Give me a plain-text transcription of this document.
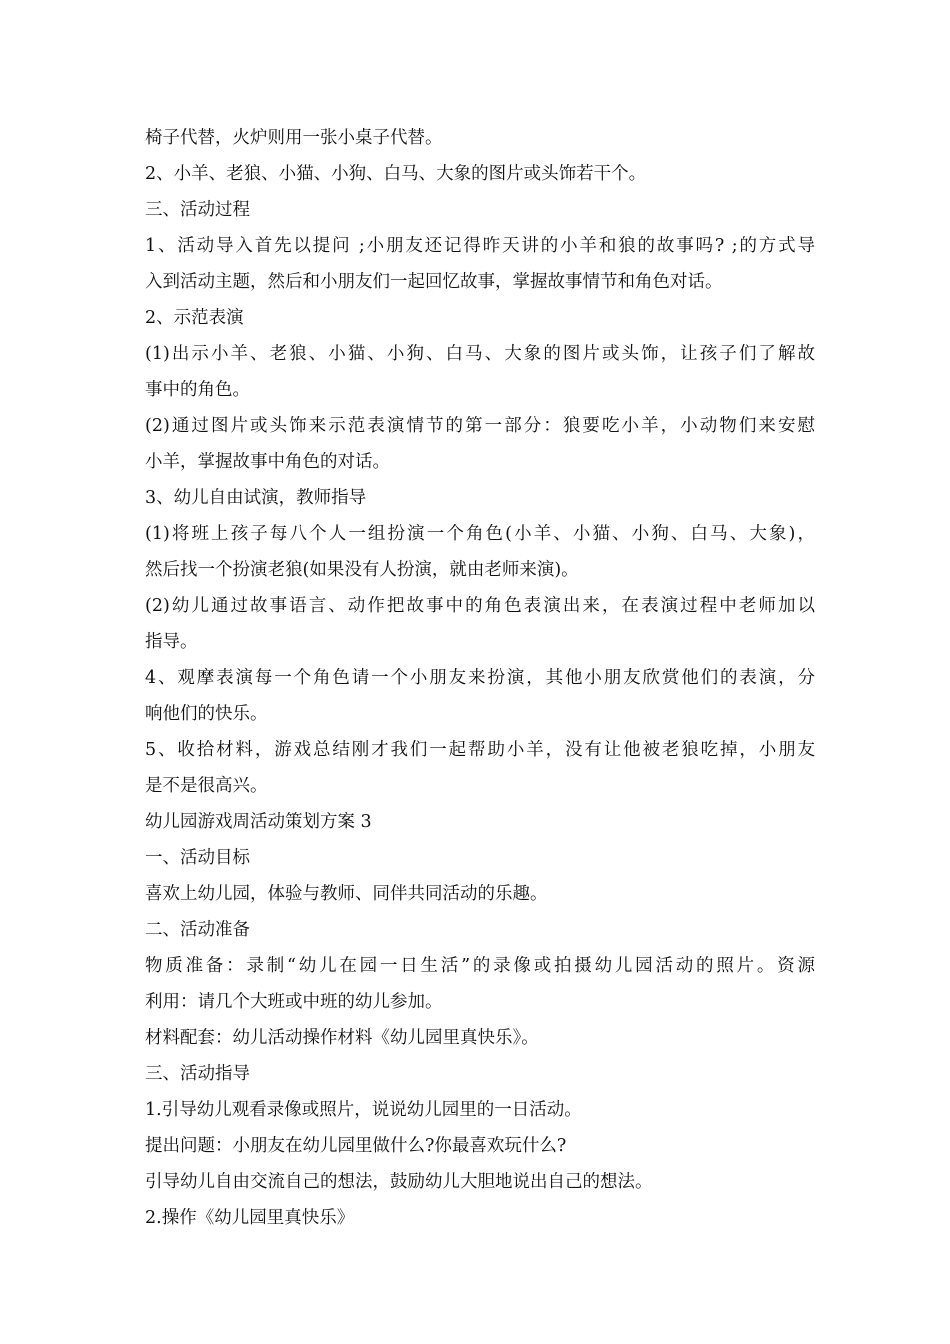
椅子代替，火炉则用一张小桌子代替。
2、小羊、老狼、小猫、小狗、白马、大象的图片或头饰若干个。
三、活动过程
1、活动导入首先以提问 ;小朋友还记得昨天讲的小羊和狼的故事吗? ;的方式导
入到活动主题，然后和小朋友们一起回忆故事，掌握故事情节和角色对话。
2、示范表演
(1)出示小羊、老狼、小猫、小狗、白马、大象的图片或头饰，让孩子们了解故
事中的角色。
(2)通过图片或头饰来示范表演情节的第一部分：狼要吃小羊，小动物们来安慰
小羊，掌握故事中角色的对话。
3、幼儿自由试演，教师指导
(1)将班上孩子每八个人一组扮演一个角色(小羊、小猫、小狗、白马、大象)，
然后找一个扮演老狼(如果没有人扮演，就由老师来演)。
(2)幼儿通过故事语言、动作把故事中的角色表演出来，在表演过程中老师加以
指导。
4、观摩表演每一个角色请一个小朋友来扮演，其他小朋友欣赏他们的表演，分
响他们的快乐。
5、收拾材料，游戏总结刚才我们一起帮助小羊，没有让他被老狼吃掉，小朋友
是不是很高兴。
幼儿园游戏周活动策划方案 3
一、活动目标
喜欢上幼儿园，体验与教师、同伴共同活动的乐趣。
二、活动准备
物质准备：录制“幼儿在园一日生活”的录像或拍摄幼儿园活动的照片。资源
利用：请几个大班或中班的幼儿参加。
材料配套：幼儿活动操作材料《幼儿园里真快乐》。
三、活动指导
1.引导幼儿观看录像或照片，说说幼儿园里的一日活动。
提出问题：小朋友在幼儿园里做什么?你最喜欢玩什么?
引导幼儿自由交流自己的想法，鼓励幼儿大胆地说出自己的想法。
2.操作《幼儿园里真快乐》
